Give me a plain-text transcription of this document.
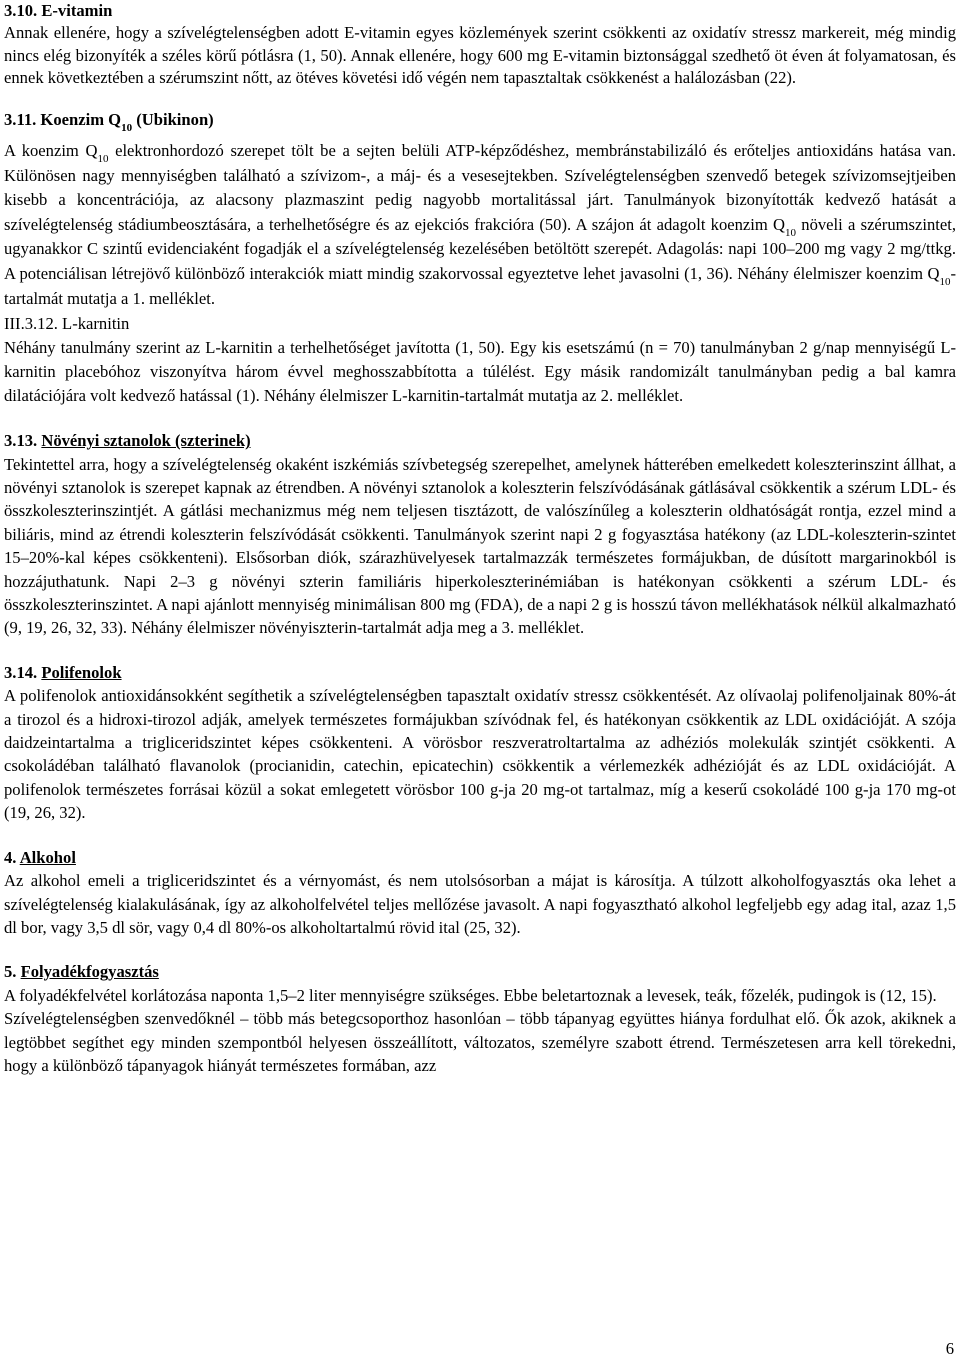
3.10. E-vitamin

Annak ellenére, hogy a szívelégtelenségben adott E-vitamin egyes közlemények szerint csökkenti az oxidatív stressz markereit, még mindig nincs elég bizonyíték a széles körű pótlásra (1, 50). Annak ellenére, hogy 600 mg E-vitamin biztonsággal szedhető öt éven át folyamatosan, és ennek következtében a szérumszint nőtt, az ötéves követési idő végén nem tapasztaltak csökkenést a halálozásban (22).

3.11. Koenzim $Q_{10}$ (Ubikinon)

A koenzim $Q_{10}$ elektronhordozó szerepet tölt be a sejten belüli ATP-képződéshez, membránstabilizáló és erőteljes antioxidáns hatása van. Különösen nagy mennyiségben található a szívizom-, a máj- és a vesesejtekben. Szívelégtelenségben szenvedő betegek szívizomsejtjeiben kisebb a koncentrációja, az alacsony plazmaszint pedig nagyobb mortalitással járt. Tanulmányok bizonyították kedvező hatását a szívelégtelenség stádiumbeosztására, a terhelhetőségre és az ejekciós frakcióra (50). A szájon át adagolt koenzim $Q_{10}$ növeli a szérumszintet, ugyanakkor C szintű evidenciaként fogadják el a szívelégtelenség kezelésében betöltött szerepét. Adagolás: napi 100–200 mg vagy 2 mg/ttkg. A potenciálisan létrejövő különböző interakciók miatt mindig szakorvossal egyeztetve lehet javasolni (1, 36). Néhány élelmiszer koenzim $Q_{10}$-tartalmát mutatja a 1. melléklet.

III.3.12. L-karnitin

Néhány tanulmány szerint az L-karnitin a terhelhetőséget javította (1, 50). Egy kis esetszámú (n = 70) tanulmányban 2 g/nap mennyiségű L-karnitin placebóhoz viszonyítva három évvel meghosszabbította a túlélést. Egy másik randomizált tanulmányban pedig a bal kamra dilatációjára volt kedvező hatással (1). Néhány élelmiszer L-karnitin-tartalmát mutatja az 2. melléklet.

3.13. Növényi sztanolok (szterinek)

Tekintettel arra, hogy a szívelégtelenség okaként iszkémiás szívbetegség szerepelhet, amelynek hátterében emelkedett koleszterinszint állhat, a növényi sztanolok is szerepet kapnak az étrendben. A növényi sztanolok a koleszterin felszívódásának gátlásával csökkentik a szérum LDL- és összkoleszterinszintjét. A gátlási mechanizmus még nem teljesen tisztázott, de valószínűleg a koleszterin oldhatóságát rontja, ezzel mind a biliáris, mind az étrendi koleszterin felszívódását csökkenti. Tanulmányok szerint napi 2 g fogyasztása hatékony (az LDL-koleszterin-szintet 15–20%-kal képes csökkenteni). Elsősorban diók, szárazhüvelyesek tartalmazzák természetes formájukban, de dúsított margarinokból is hozzájuthatunk. Napi 2–3 g növényi szterin familiáris hiperkoleszterinémiában is hatékonyan csökkenti a szérum LDL- és összkoleszterinszintet. A napi ajánlott mennyiség minimálisan 800 mg (FDA), de a napi 2 g is hosszú távon mellékhatások nélkül alkalmazható (9, 19, 26, 32, 33). Néhány élelmiszer növényiszterin-tartalmát adja meg a 3. melléklet.

3.14. Polifenolok

A polifenolok antioxidánsokként segíthetik a szívelégtelenségben tapasztalt oxidatív stressz csökkentését. Az olívaolaj polifenoljainak 80%-át a tirozol és a hidroxi-tirozol adják, amelyek természetes formájukban szívódnak fel, és hatékonyan csökkentik az LDL oxidációját. A szója daidzeintartalma a trigliceridszintet képes csökkenteni. A vörösbor reszveratroltartalma az adhéziós molekulák szintjét csökkenti. A csokoládéban található flavanolok (procianidin, catechin, epicatechin) csökkentik a vérlemezkék adhézióját és az LDL oxidációját. A polifenolok természetes forrásai közül a sokat emlegetett vörösbor 100 g-ja 20 mg-ot tartalmaz, míg a keserű csokoládé 100 g-ja 170 mg-ot (19, 26, 32).

4. Alkohol

Az alkohol emeli a trigliceridszintet és a vérnyomást, és nem utolsósorban a májat is károsítja. A túlzott alkoholfogyasztás oka lehet a szívelégtelenség kialakulásának, így az alkoholfelvétel teljes mellőzése javasolt. A napi fogyasztható alkohol legfeljebb egy adag ital, azaz 1,5 dl bor, vagy 3,5 dl sör, vagy 0,4 dl 80%-os alkoholtartalmú rövid ital (25, 32).

5. Folyadékfogyasztás

A folyadékfelvétel korlátozása naponta 1,5–2 liter mennyiségre szükséges. Ebbe beletartoznak a levesek, teák, főzelék, pudingok is (12, 15).

Szívelégtelenségben szenvedőknél – több más betegcsoporthoz hasonlóan – több tápanyag együttes hiánya fordulhat elő. Ők azok, akiknek a legtöbbet segíthet egy minden szempontból helyesen összeállított, változatos, személyre szabott étrend. Természetesen arra kell törekedni, hogy a különböző tápanyagok hiányát természetes formában, azz

6
